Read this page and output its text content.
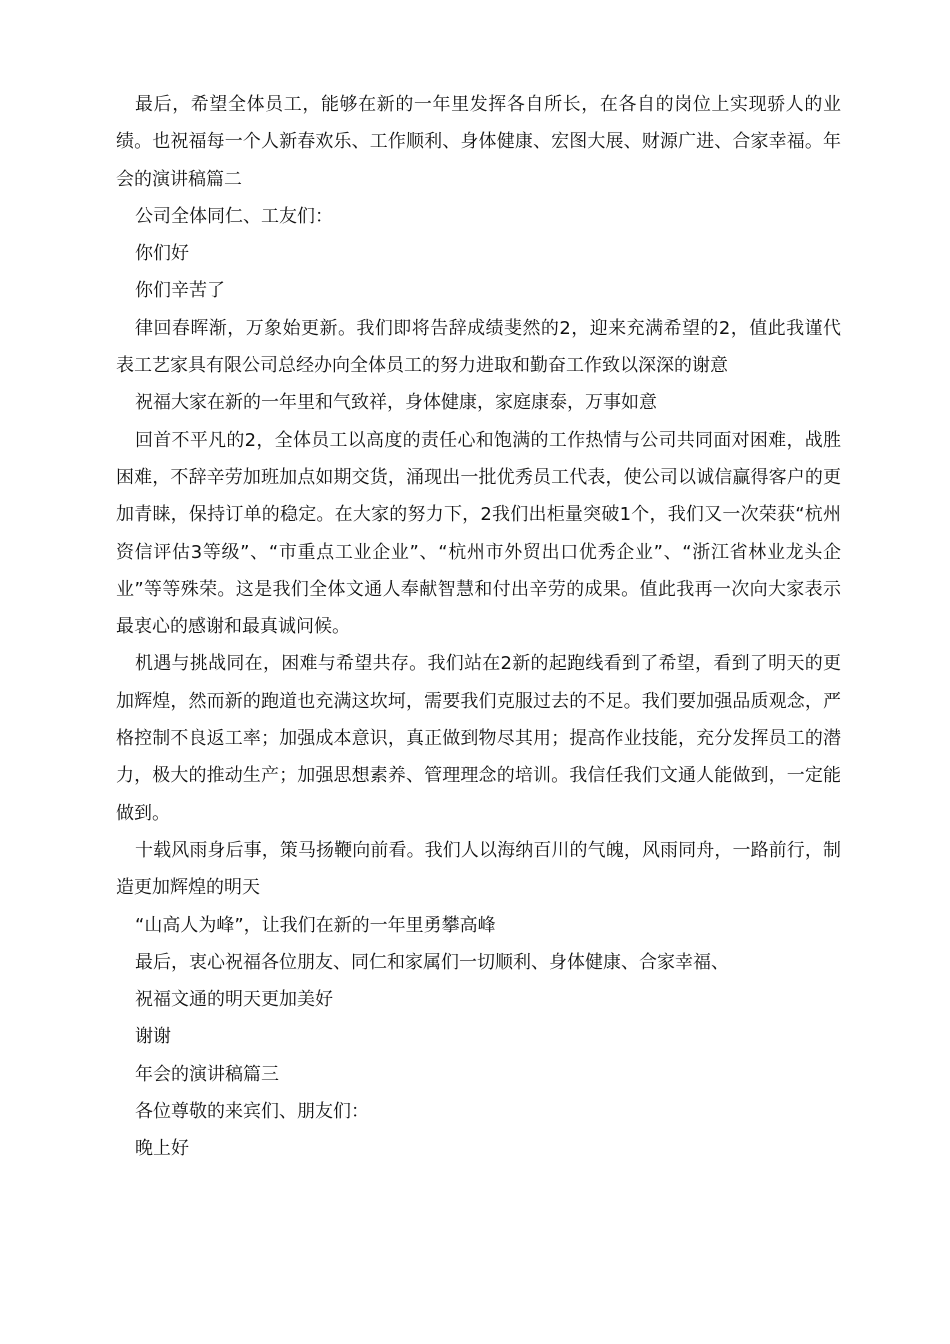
最后，希望全体员工，能够在新的一年里发挥各自所长，在各自的岗位上实现骄人的业绩。也祝福每一个人新春欢乐、工作顺利、身体健康、宏图大展、财源广进、合家幸福。年会的演讲稿篇二

公司全体同仁、工友们：

你们好

你们辛苦了

律回春晖渐，万象始更新。我们即将告辞成绩斐然的2，迎来充满希望的2，值此我谨代表工艺家具有限公司总经办向全体员工的努力进取和勤奋工作致以深深的谢意

祝福大家在新的一年里和气致祥，身体健康，家庭康泰，万事如意

回首不平凡的2，全体员工以高度的责任心和饱满的工作热情与公司共同面对困难，战胜困难，不辞辛劳加班加点如期交货，涌现出一批优秀员工代表，使公司以诚信赢得客户的更加青睐，保持订单的稳定。在大家的努力下，2我们出柜量突破1个，我们又一次荣获“杭州资信评估3等级”、“市重点工业企业”、“杭州市外贸出口优秀企业”、“浙江省林业龙头企业”等等殊荣。这是我们全体文通人奉献智慧和付出辛劳的成果。值此我再一次向大家表示最衷心的感谢和最真诚问候。

机遇与挑战同在，困难与希望共存。我们站在2新的起跑线看到了希望，看到了明天的更加辉煌，然而新的跑道也充满这坎坷，需要我们克服过去的不足。我们要加强品质观念，严格控制不良返工率；加强成本意识，真正做到物尽其用；提高作业技能，充分发挥员工的潜力，极大的推动生产；加强思想素养、管理理念的培训。我信任我们文通人能做到，一定能做到。

十载风雨身后事，策马扬鞭向前看。我们人以海纳百川的气魄，风雨同舟，一路前行，制造更加辉煌的明天

“山高人为峰”，让我们在新的一年里勇攀高峰

最后，衷心祝福各位朋友、同仁和家属们一切顺利、身体健康、合家幸福、

祝福文通的明天更加美好

谢谢

年会的演讲稿篇三

各位尊敬的来宾们、朋友们：

晚上好
